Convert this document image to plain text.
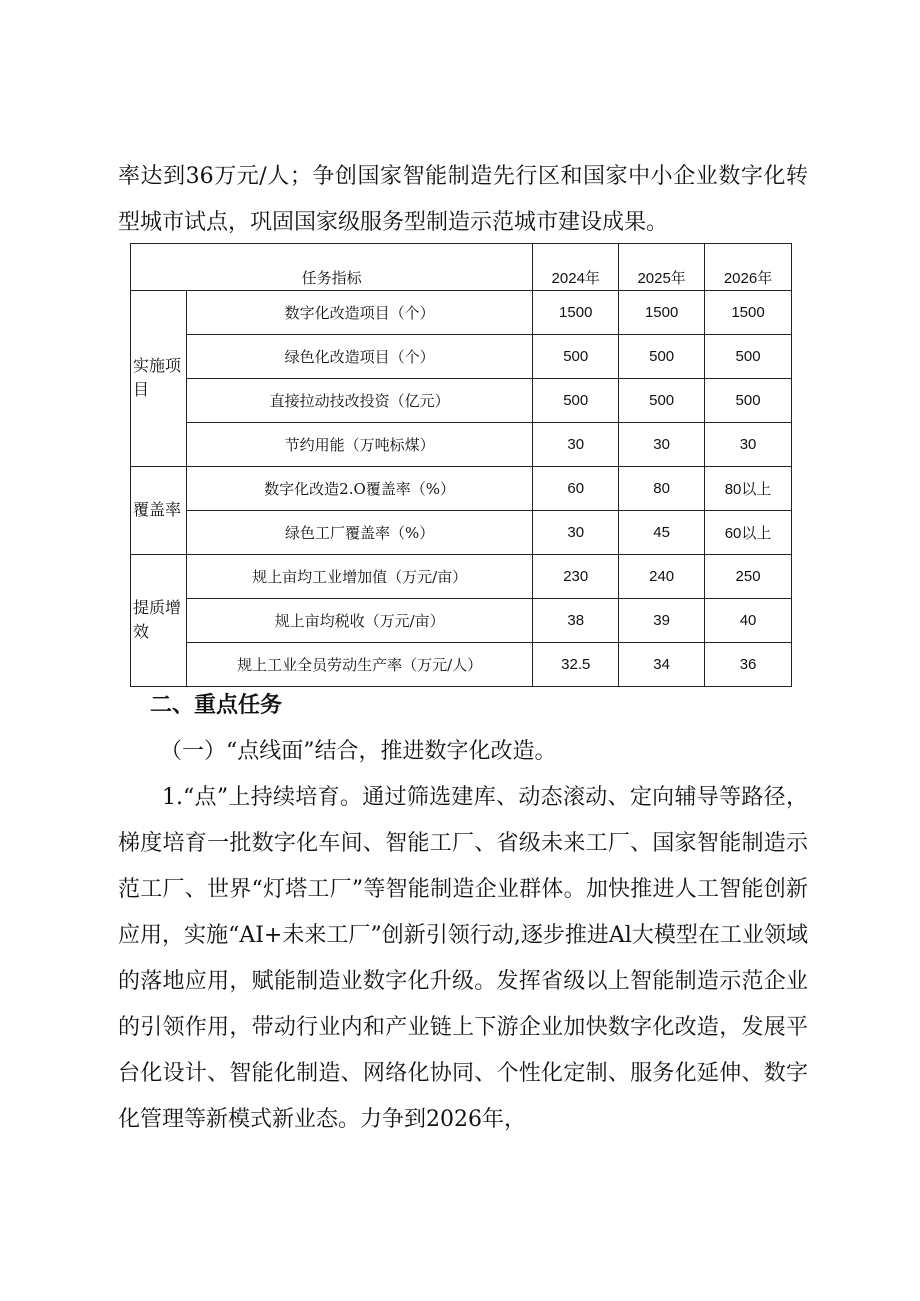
率达到36万元/人；争创国家智能制造先行区和国家中小企业数字化转型城市试点，巩固国家级服务型制造示范城市建设成果。

任务指标		2024年	2025年	2026年
实施项目	数字化改造项目（个）	1500	1500	1500
	绿色化改造项目（个）	500	500	500
	直接拉动技改投资（亿元）	500	500	500
	节约用能（万吨标煤）	30	30	30
覆盖率	数字化改造2.O覆盖率（%）	60	80	80以上
	绿色工厂覆盖率（%）	30	45	60以上
提质增效	规上亩均工业增加值（万元/亩）	230	240	250
	规上亩均税收（万元/亩）	38	39	40
	规上工业全员劳动生产率（万元/人）	32.5	34	36

二、重点任务

（一）“点线面”结合，推进数字化改造。

1.“点”上持续培育。通过筛选建库、动态滚动、定向辅导等路径，梯度培育一批数字化车间、智能工厂、省级未来工厂、国家智能制造示范工厂、世界“灯塔工厂”等智能制造企业群体。加快推进人工智能创新应用，实施“AI+未来工厂”创新引领行动,逐步推进Al大模型在工业领域的落地应用，赋能制造业数字化升级。发挥省级以上智能制造示范企业的引领作用，带动行业内和产业链上下游企业加快数字化改造，发展平台化设计、智能化制造、网络化协同、个性化定制、服务化延伸、数字化管理等新模式新业态。力争到2026年，
